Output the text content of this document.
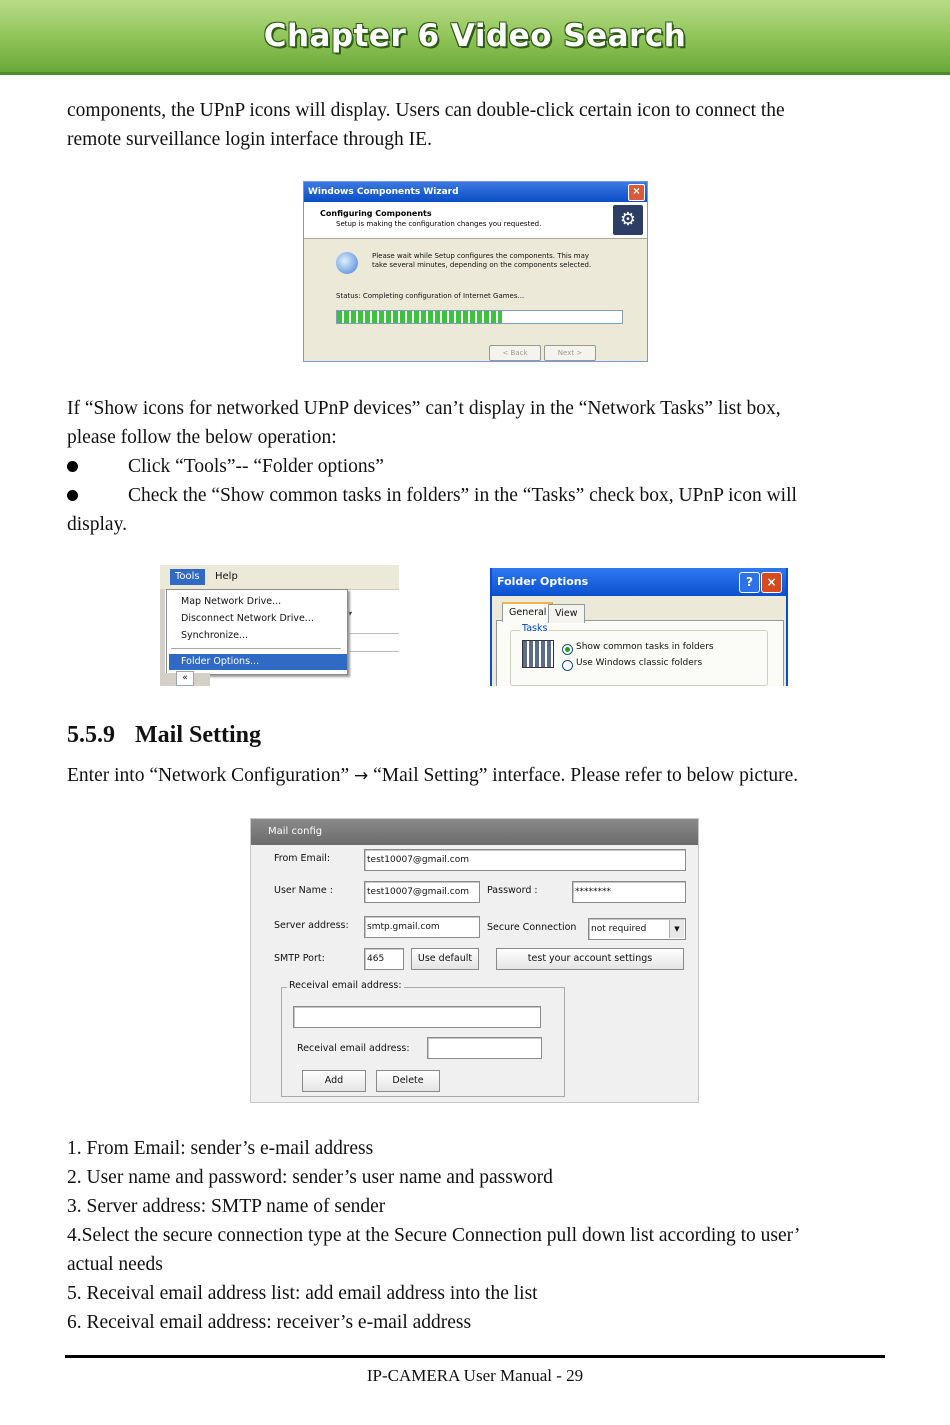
Chapter 6 Video Search
components, the UPnP icons will display. Users can double-click certain icon to connect the
remote surveillance login interface through IE.
Windows Components Wizard	×
Configuring Components
Setup is making the configuration changes you requested.	⚙
Please wait while Setup configures the components. This may take several minutes, depending on the components selected.
Status: Completing configuration of Internet Games...
< Back	Next >
If “Show icons for networked UPnP devices” can’t display in the “Network Tasks” list box,
please follow the below operation:
Click “Tools”-- “Folder options”
Check the “Show common tasks in folders” in the “Tasks” check box, UPnP icon will
display.
Tools	Help
▾
Map Network Drive...
Disconnect Network Drive...
Synchronize...
Folder Options...
«
Folder Options	?	×
General View
Tasks
Show common tasks in folders
Use Windows classic folders
5.5.9 Mail Setting
Enter into “Network Configuration” → “Mail Setting” interface. Please refer to below picture.
Mail config
From Email:	test10007@gmail.com
User Name :	test10007@gmail.com	Password :	********
Server address:	smtp.gmail.com	Secure Connection	not required	▼
SMTP Port:	465	Use default	test your account settings
Receival email address:
Receival email address:
Add	Delete
1. From Email: sender’s e-mail address
2. User name and password: sender’s user name and password
3. Server address: SMTP name of sender
4.Select the secure connection type at the Secure Connection pull down list according to user’
actual needs
5. Receival email address list: add email address into the list
6. Receival email address: receiver’s e-mail address
IP-CAMERA User Manual - 29
